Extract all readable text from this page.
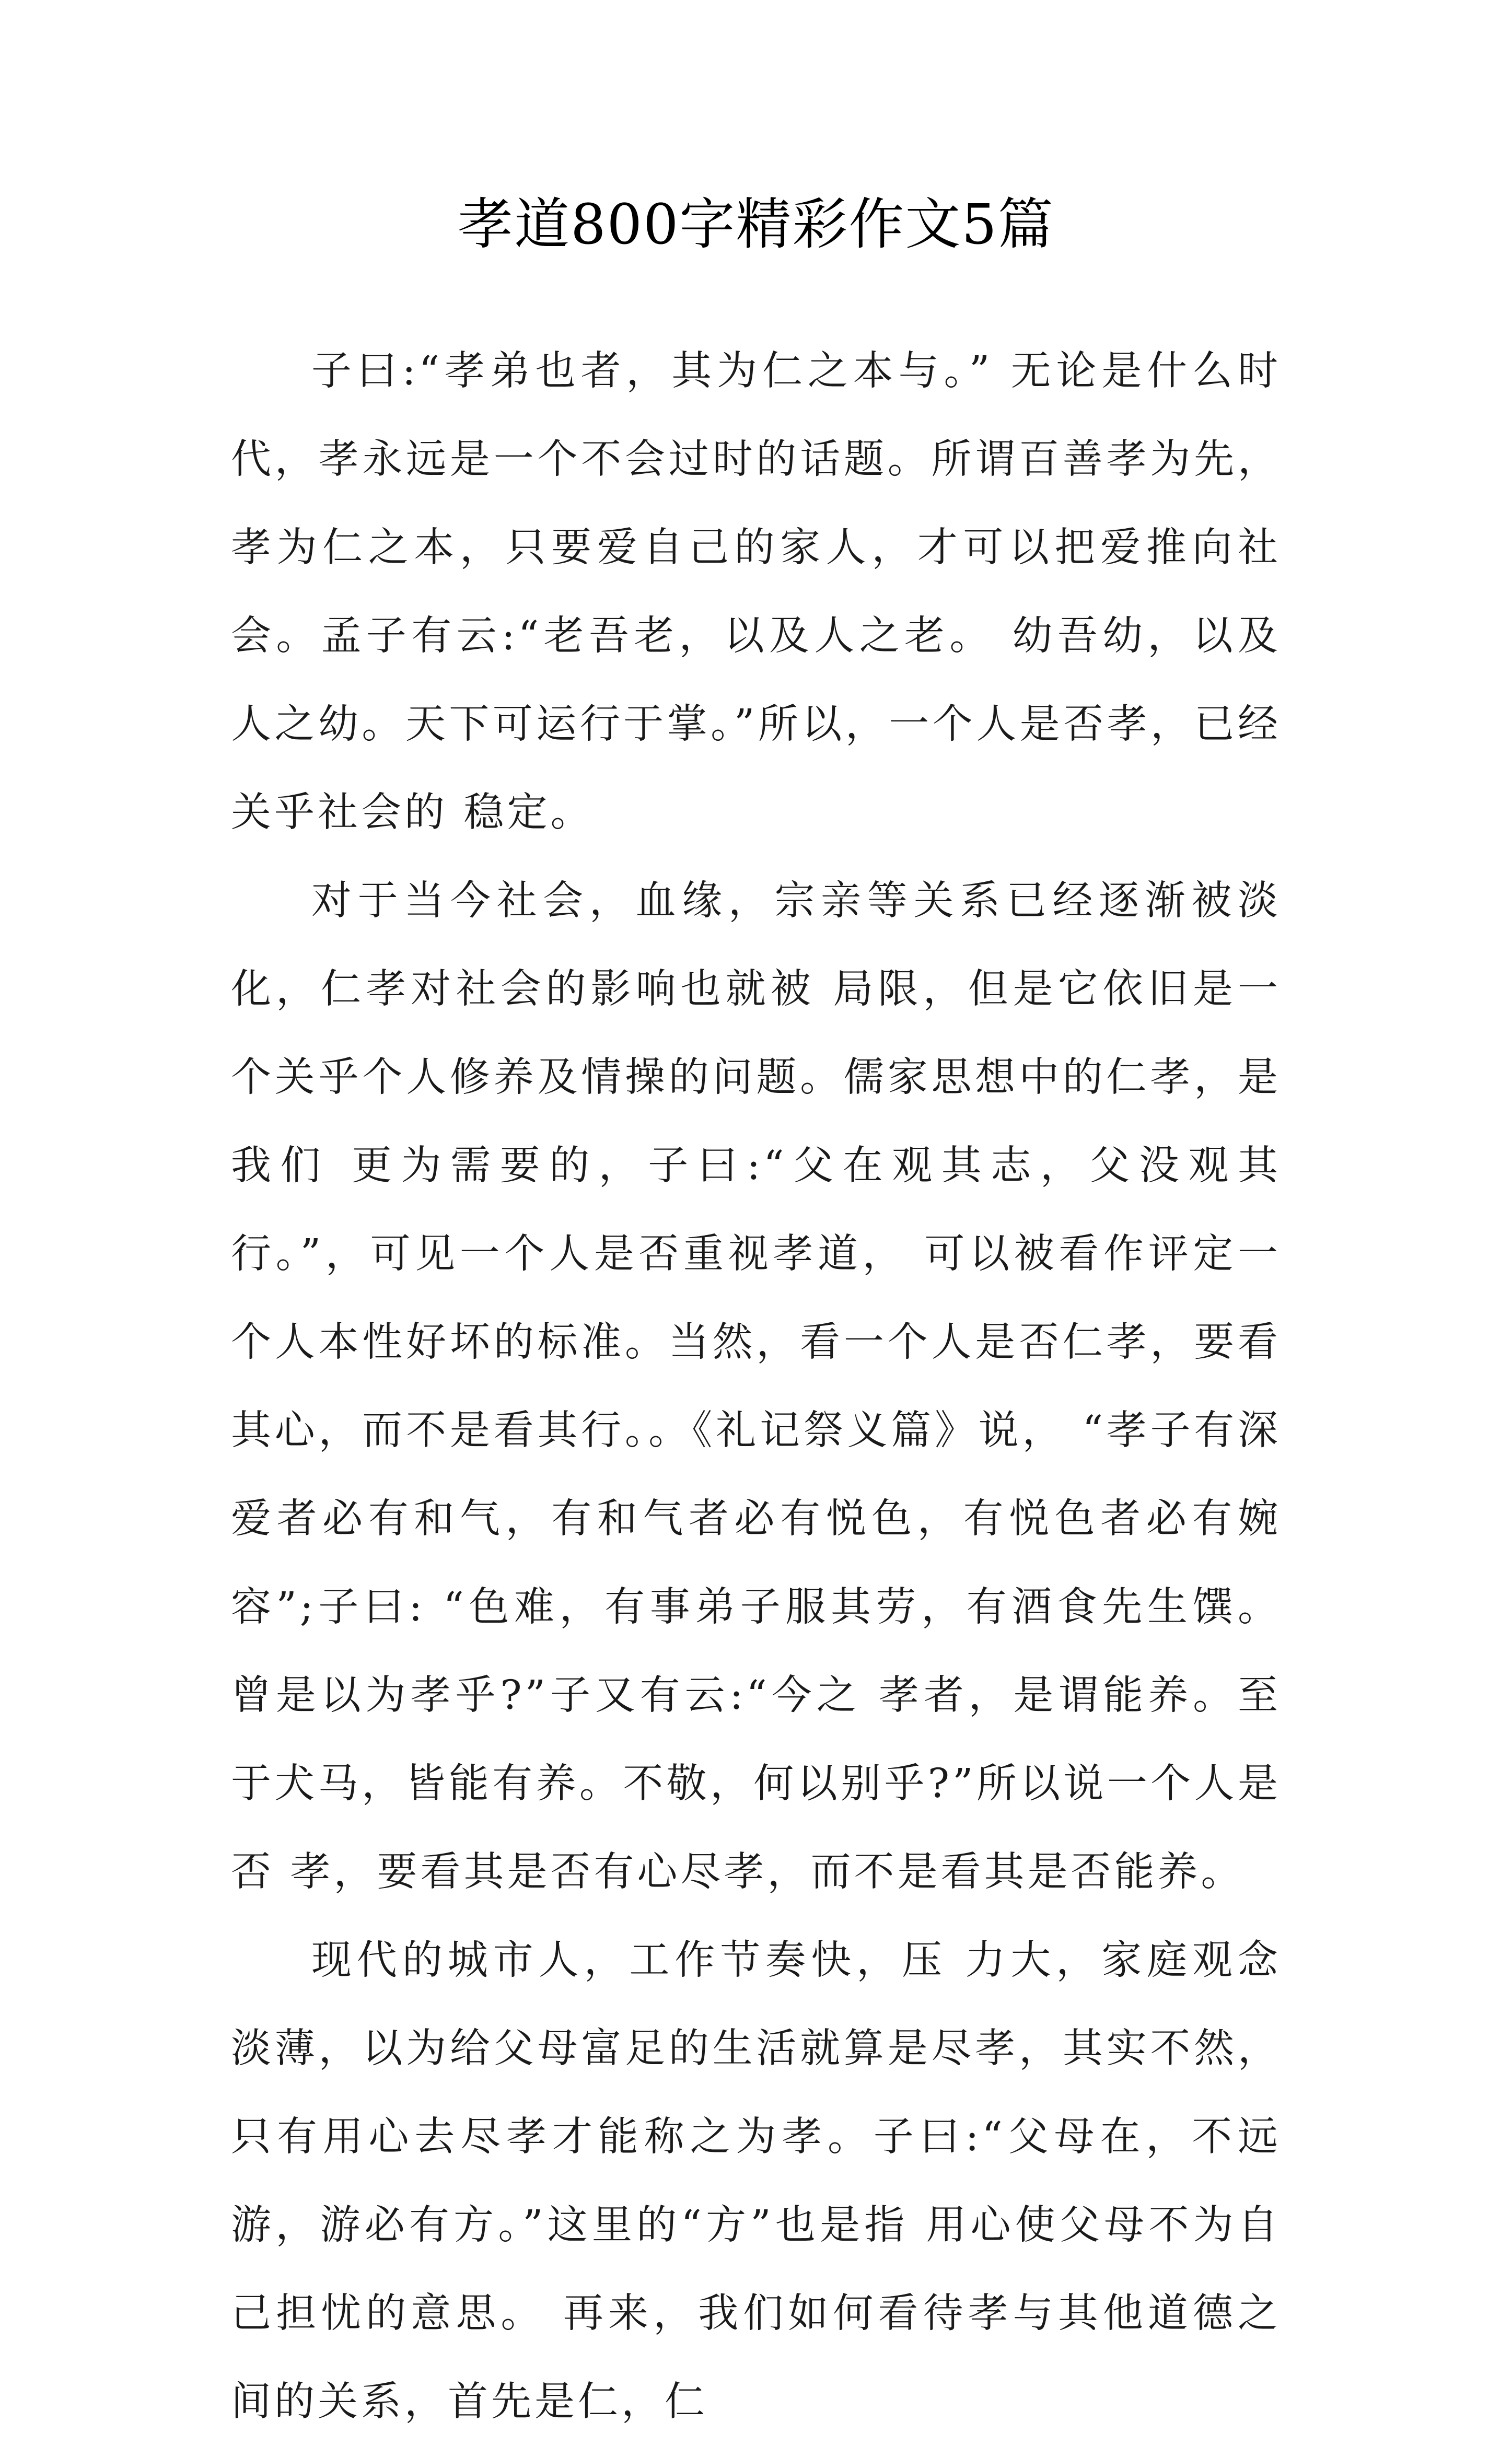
孝道800字精彩作文5篇

子曰:“孝弟也者，其为仁之本与。” 无论是什么时代，孝永远是一个不会过时的话题。所谓百善孝为先，孝为仁之本，只要爱自己的家人，才可以把爱推向社会。孟子有云:“老吾老，以及人之老。 幼吾幼，以及人之幼。天下可运行于掌。”所以，一个人是否孝，已经关乎社会的 稳定。

对于当今社会，血缘，宗亲等关系已经逐渐被淡化，仁孝对社会的影响也就被 局限，但是它依旧是一个关乎个人修养及情操的问题。儒家思想中的仁孝，是我们 更为需要的，子曰:“父在观其志，父没观其行。”，可见一个人是否重视孝道， 可以被看作评定一个人本性好坏的标准。当然，看一个人是否仁孝，要看其心，而不是看其行。。《礼记祭义篇》说， “孝子有深爱者必有和气，有和气者必有悦色，有悦色者必有婉容”;子曰: “色难，有事弟子服其劳，有酒食先生馔。曾是以为孝乎?”子又有云:“今之 孝者，是谓能养。至于犬马，皆能有养。不敬，何以别乎?”所以说一个人是否 孝，要看其是否有心尽孝，而不是看其是否能养。

现代的城市人，工作节奏快，压 力大，家庭观念淡薄，以为给父母富足的生活就算是尽孝，其实不然，只有用心去尽孝才能称之为孝。子曰:“父母在，不远游，游必有方。”这里的“方”也是指 用心使父母不为自己担忧的意思。 再来，我们如何看待孝与其他道德之间的关系，首先是仁，仁
